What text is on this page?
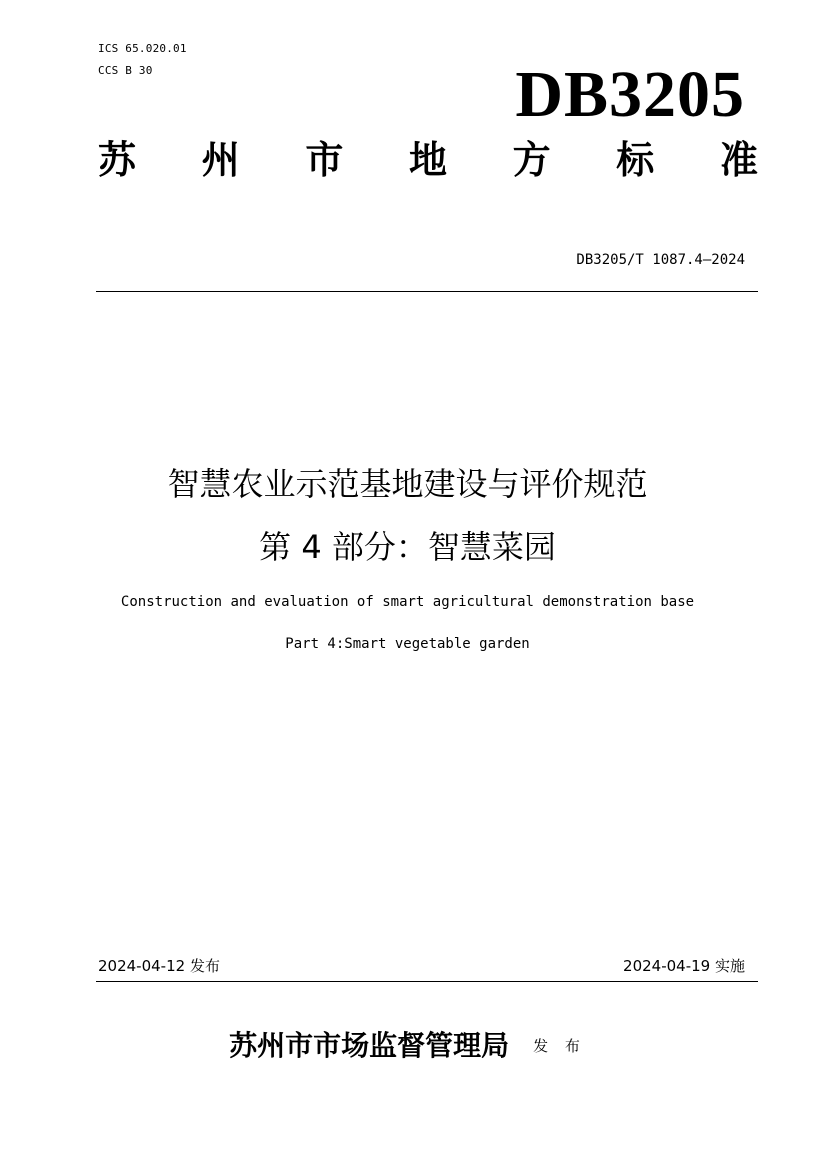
ICS 65.020.01
CCS B 30	DB3205
苏 州 市 地 方 标 准
DB3205/T 1087.4—2024
智慧农业示范基地建设与评价规范
第 4 部分：智慧菜园
Construction and evaluation of smart agricultural demonstration base
Part 4:Smart vegetable garden
2024-04-12 发布	2024-04-19 实施
苏州市市场监督管理局 发 布
